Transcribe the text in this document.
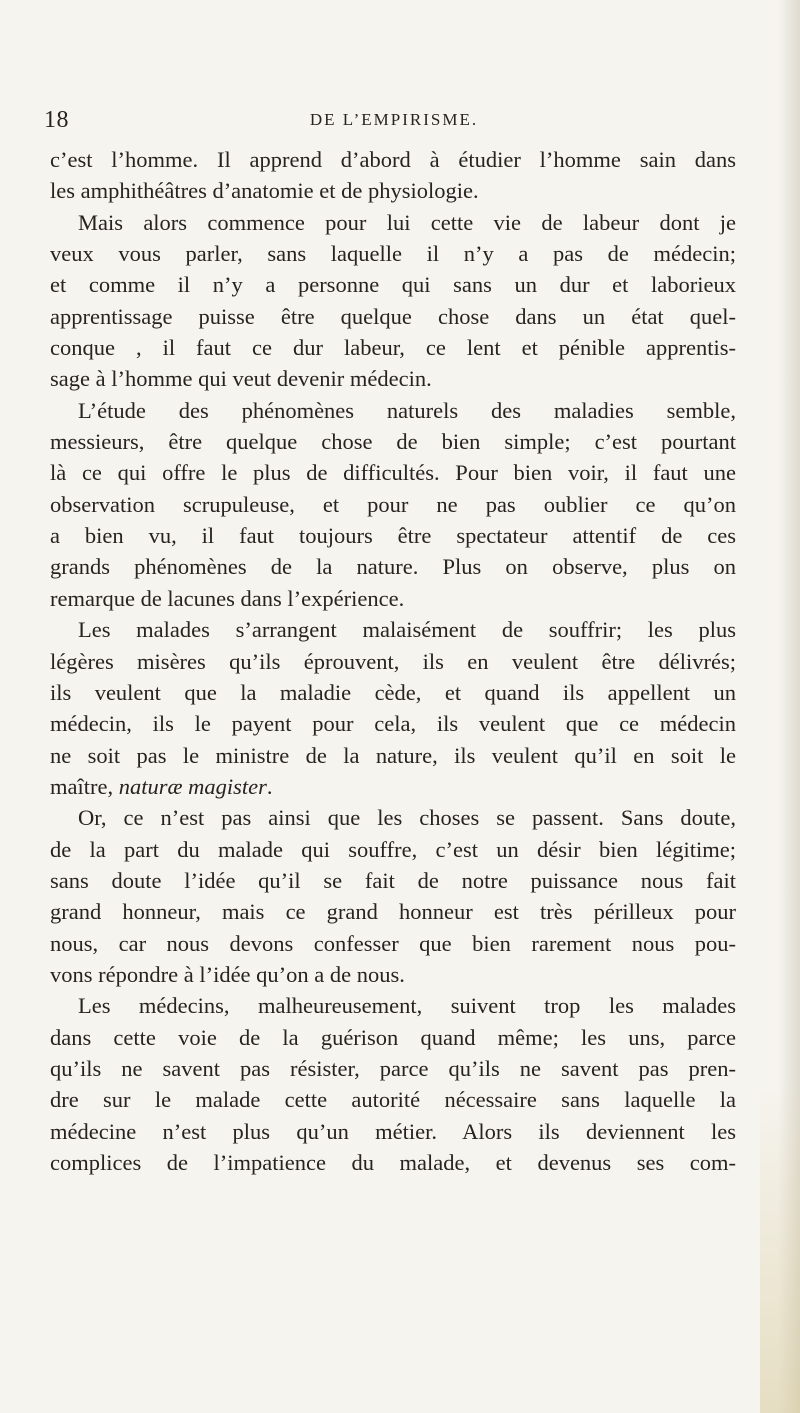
18	DE L’EMPIRISME.
c’est l’homme. Il apprend d’abord à étudier l’homme sain dans
les amphithéâtres d’anatomie et de physiologie.
Mais alors commence pour lui cette vie de labeur dont je
veux vous parler, sans laquelle il n’y a pas de médecin;
et comme il n’y a personne qui sans un dur et laborieux
apprentissage puisse être quelque chose dans un état quel-
conque , il faut ce dur labeur, ce lent et pénible apprentis-
sage à l’homme qui veut devenir médecin.
L’étude des phénomènes naturels des maladies semble,
messieurs, être quelque chose de bien simple; c’est pourtant
là ce qui offre le plus de difficultés. Pour bien voir, il faut une
observation scrupuleuse, et pour ne pas oublier ce qu’on
a bien vu, il faut toujours être spectateur attentif de ces
grands phénomènes de la nature. Plus on observe, plus on
remarque de lacunes dans l’expérience.
Les malades s’arrangent malaisément de souffrir; les plus
légères misères qu’ils éprouvent, ils en veulent être délivrés;
ils veulent que la maladie cède, et quand ils appellent un
médecin, ils le payent pour cela, ils veulent que ce médecin
ne soit pas le ministre de la nature, ils veulent qu’il en soit le
maître, naturæ magister.
Or, ce n’est pas ainsi que les choses se passent. Sans doute,
de la part du malade qui souffre, c’est un désir bien légitime;
sans doute l’idée qu’il se fait de notre puissance nous fait
grand honneur, mais ce grand honneur est très périlleux pour
nous, car nous devons confesser que bien rarement nous pou-
vons répondre à l’idée qu’on a de nous.
Les médecins, malheureusement, suivent trop les malades
dans cette voie de la guérison quand même; les uns, parce
qu’ils ne savent pas résister, parce qu’ils ne savent pas pren-
dre sur le malade cette autorité nécessaire sans laquelle la
médecine n’est plus qu’un métier. Alors ils deviennent les
complices de l’impatience du malade, et devenus ses com-
